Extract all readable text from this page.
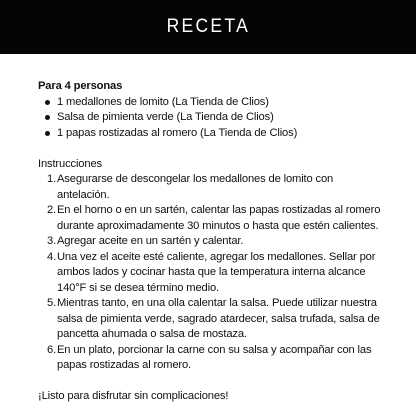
RECETA

Para 4 personas

1 medallones de lomito (La Tienda de Clios)
Salsa de pimienta verde (La Tienda de Clios)
1 papas rostizadas al romero (La Tienda de Clios)

Instrucciones

1. Asegurarse de descongelar los medallones de lomito con antelación.
2. En el horno o en un sartén, calentar las papas rostizadas al romero durante aproximadamente 30 minutos o hasta que estén calientes.
3. Agregar aceite en un sartén y calentar.
4. Una vez el aceite esté caliente, agregar los medallones. Sellar por ambos lados y cocinar hasta que la temperatura interna alcance 140°F si se desea término medio.
5. Mientras tanto, en una olla calentar la salsa. Puede utilizar nuestra salsa de pimienta verde, sagrado atardecer, salsa trufada, salsa de pancetta ahumada o salsa de mostaza.
6. En un plato, porcionar la carne con su salsa y acompañar con las papas rostizadas al romero.

¡Listo para disfrutar sin complicaciones!
